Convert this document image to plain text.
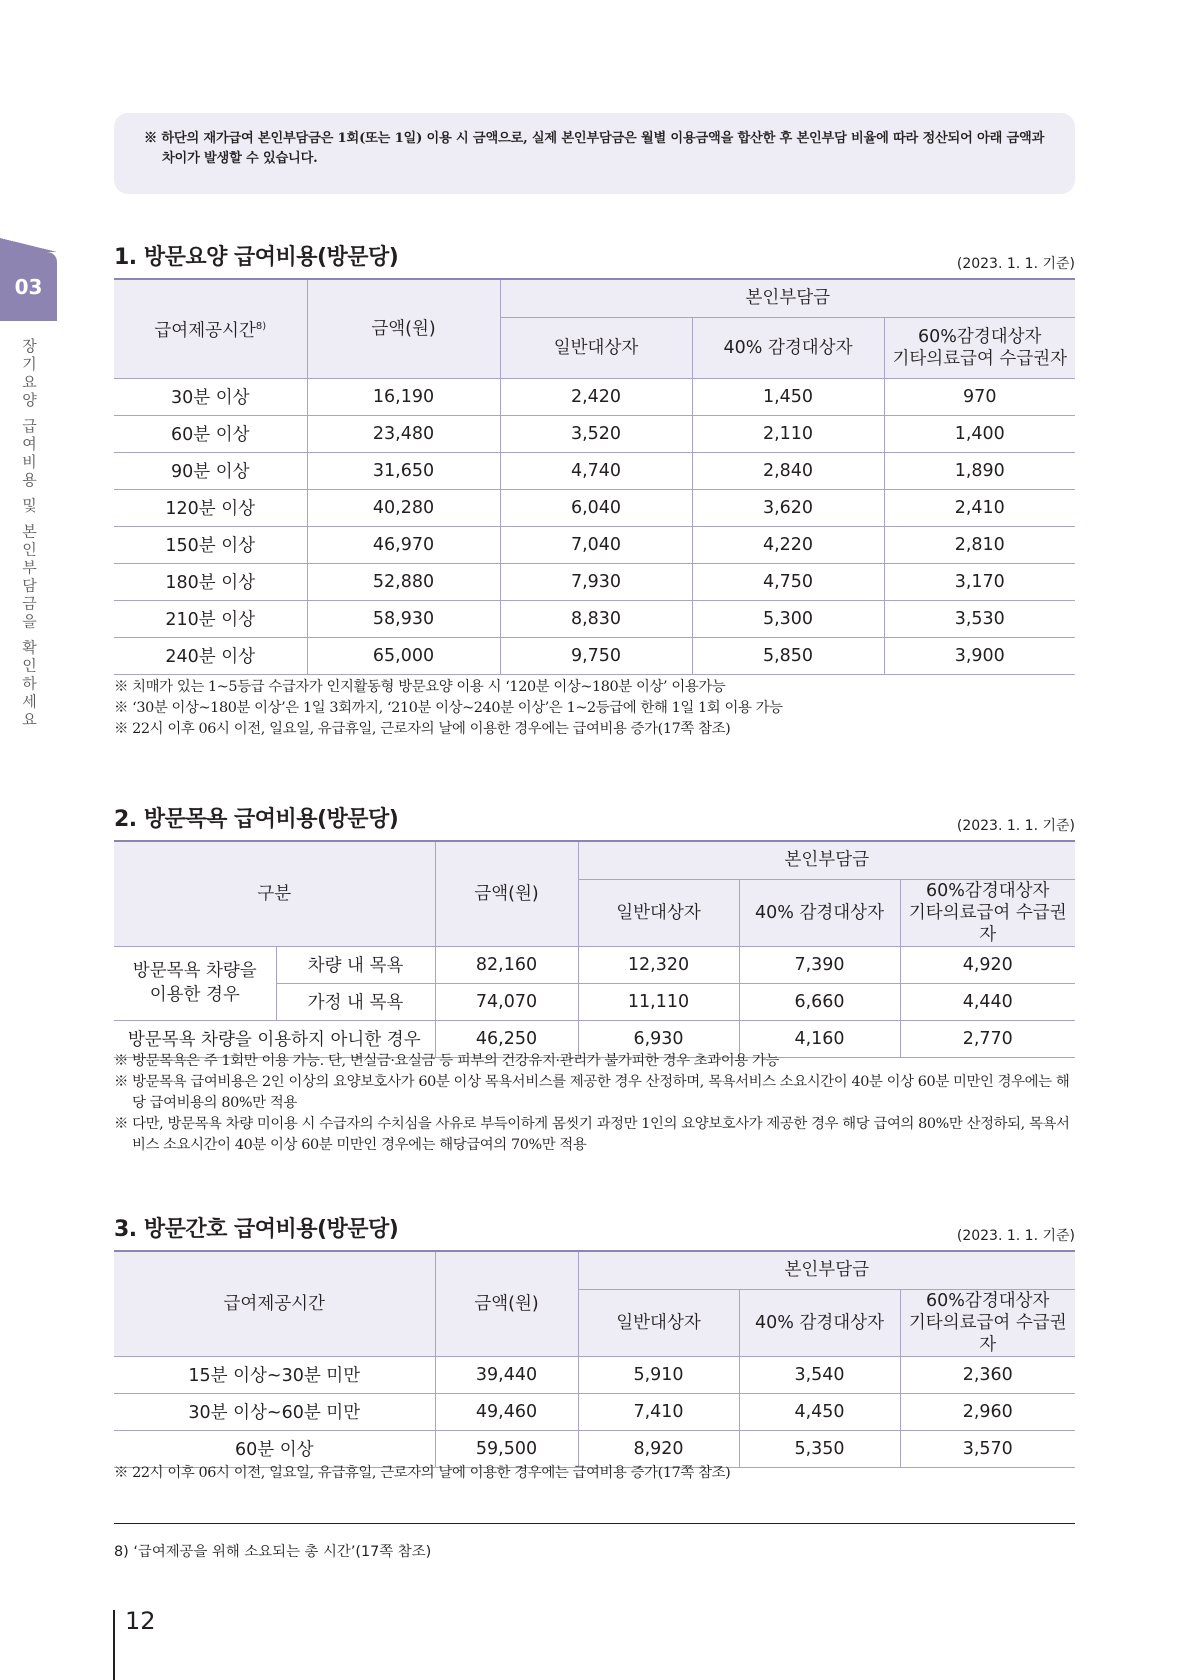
※ 하단의 재가급여 본인부담금은 1회(또는 1일) 이용 시 금액으로, 실제 본인부담금은 월별 이용금액을 합산한 후 본인부담 비율에 따라 정산되어 아래 금액과 차이가 발생할 수 있습니다.

03
장기요양 급여비용 및 본인부담금을 확인하세요
1. 방문요양 급여비용(방문당)	(2023. 1. 1. 기준)
급여제공시간$^{8)}$	금액(원)	본인부담금		
		일반대상자	40% 감경대상자	60%감경대상자
기타의료급여 수급권자
30분 이상	16,190	2,420	1,450	970
60분 이상	23,480	3,520	2,110	1,400
90분 이상	31,650	4,740	2,840	1,890
120분 이상	40,280	6,040	3,620	2,410
150분 이상	46,970	7,040	4,220	2,810
180분 이상	52,880	7,930	4,750	3,170
210분 이상	58,930	8,830	5,300	3,530
240분 이상	65,000	9,750	5,850	3,900

※ 치매가 있는 1~5등급 수급자가 인지활동형 방문요양 이용 시 ‘120분 이상~180분 이상’ 이용가능

※ ‘30분 이상~180분 이상’은 1일 3회까지, ‘210분 이상~240분 이상’은 1~2등급에 한해 1일 1회 이용 가능

※ 22시 이후 06시 이전, 일요일, 유급휴일, 근로자의 날에 이용한 경우에는 급여비용 증가(17쪽 참조)

2. 방문목욕 급여비용(방문당)	(2023. 1. 1. 기준)
구분		금액(원)	본인부담금		
			일반대상자	40% 감경대상자	60%감경대상자
기타의료급여 수급권자
방문목욕 차량을
이용한 경우	차량 내 목욕	82,160	12,320	7,390	4,920
	가정 내 목욕	74,070	11,110	6,660	4,440
방문목욕 차량을 이용하지 아니한 경우		46,250	6,930	4,160	2,770

※ 방문목욕은 주 1회만 이용 가능. 단, 변실금·요실금 등 피부의 건강유지·관리가 불가피한 경우 초과이용 가능

※ 방문목욕 급여비용은 2인 이상의 요양보호사가 60분 이상 목욕서비스를 제공한 경우 산정하며, 목욕서비스 소요시간이 40분 이상 60분 미만인 경우에는 해당 급여비용의 80%만 적용

※ 다만, 방문목욕 차량 미이용 시 수급자의 수치심을 사유로 부득이하게 몸씻기 과정만 1인의 요양보호사가 제공한 경우 해당 급여의 80%만 산정하되, 목욕서비스 소요시간이 40분 이상 60분 미만인 경우에는 해당급여의 70%만 적용

3. 방문간호 급여비용(방문당)	(2023. 1. 1. 기준)
급여제공시간	금액(원)	본인부담금		
		일반대상자	40% 감경대상자	60%감경대상자
기타의료급여 수급권자
15분 이상~30분 미만	39,440	5,910	3,540	2,360
30분 이상~60분 미만	49,460	7,410	4,450	2,960
60분 이상	59,500	8,920	5,350	3,570

※ 22시 이후 06시 이전, 일요일, 유급휴일, 근로자의 날에 이용한 경우에는 급여비용 증가(17쪽 참조)

8) ‘급여제공을 위해 소요되는 총 시간’(17쪽 참조)
12
